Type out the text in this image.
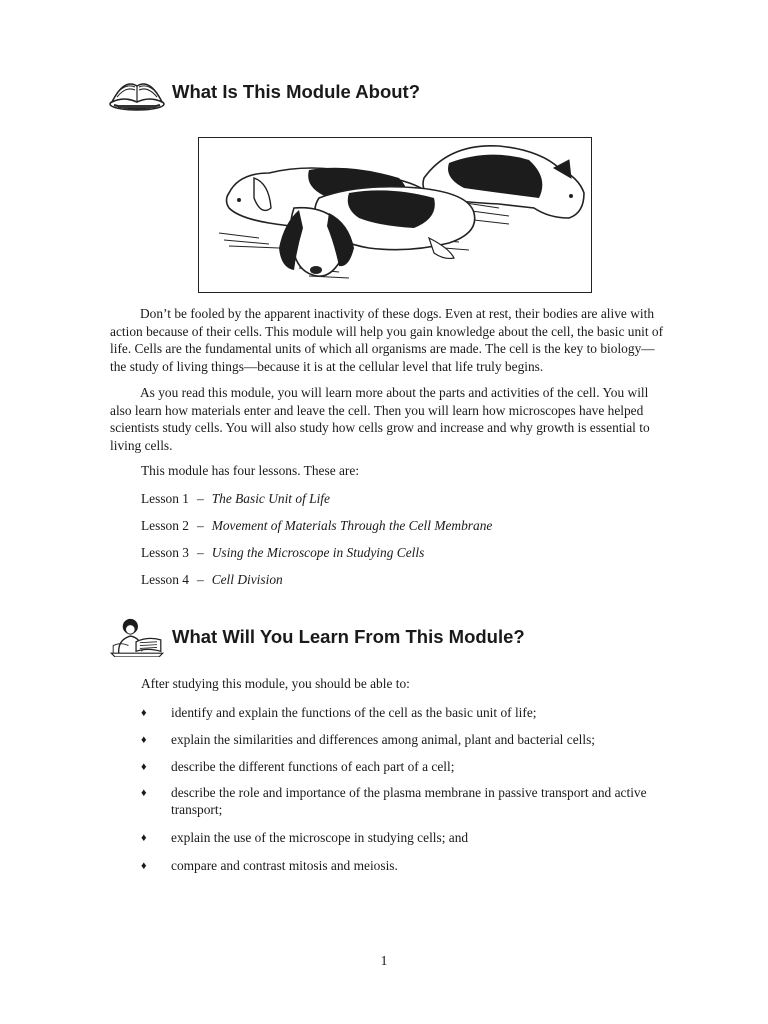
What Is This Module About?

Don’t be fooled by the apparent inactivity of these dogs. Even at rest, their bodies are alive with action because of their cells. This module will help you gain knowledge about the cell, the basic unit of life. Cells are the fundamental units of which all organisms are made. The cell is the key to biology—the study of living things—because it is at the cellular level that life truly begins.

As you read this module, you will learn more about the parts and activities of the cell. You will also learn how materials enter and leave the cell. Then you will learn how microscopes have helped scientists study cells. You will also study how cells grow and increase and why growth is essential to living cells.

This module has four lessons. These are:

Lesson 1 – The Basic Unit of Life

Lesson 2 – Movement of Materials Through the Cell Membrane

Lesson 3 – Using the Microscope in Studying Cells

Lesson 4 – Cell Division

What Will You Learn From This Module?

After studying this module, you should be able to:

♦	identify and explain the functions of the cell as the basic unit of life;
♦	explain the similarities and differences among animal, plant and bacterial cells;
♦	describe the different functions of each part of a cell;
♦	describe the role and importance of the plasma membrane in passive transport and active transport;
♦	explain the use of the microscope in studying cells; and
♦	compare and contrast mitosis and meiosis.
1
